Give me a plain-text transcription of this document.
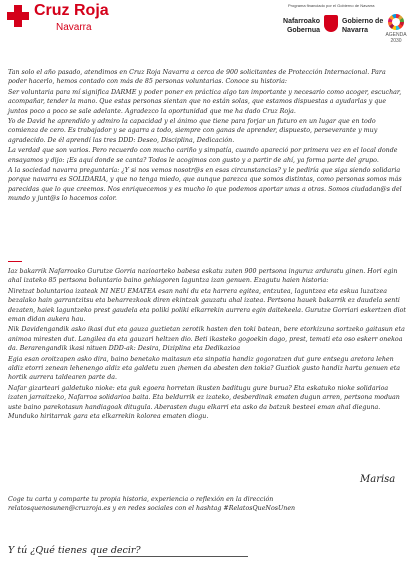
Cruz Roja
Navarra
Programa financiado por el Gobierno de Navarra
Nafarroako Gobernua
Gobierno de Navarra
AGENDA 2030

Tan solo el año pasado, atendimos en Cruz Roja Navarra a cerca de 900 solicitantes de Protección Internacional. Para poder hacerlo, hemos contado con más de 85 personas voluntarias. Conoce su historia:

Ser voluntaria para mí significa DARME y poder poner en práctica algo tan importante y necesario como acoger, escuchar, acompañar, tender la mano. Que estas personas sientan que no están solas, que estamos dispuestas a ayudarlas y que juntos poco a poco se sale adelante. Agradezco la oportunidad que me ha dado Cruz Roja.

Yo de David he aprendido y admiro la capacidad y el ánimo que tiene para forjar un futuro en un lugar que en todo comienza de cero. Es trabajador y se agarra a todo, siempre con ganas de aprender, dispuesto, perseverante y muy agradecido. De él aprendí las tres DDD: Deseo, Disciplina, Dedicación.

La verdad que son varios. Pero recuerdo con mucho cariño y simpatía, cuando apareció por primera vez en el local donde ensayamos y dijo: ¡Es aquí donde se canta? Todos le acogimos con gusto y a partir de ahí, ya forma parte del grupo.

A la sociedad navarra preguntaría: ¿Y si nos vemos nosotr@s en esas circunstancias? y le pediría que siga siendo solidaria porque navarra es SOLIDARIA, y que no tenga miedo, que aunque parezca que somos distintas, como personas somos más parecidas que lo que creemos. Nos enriquecemos y es mucho lo que podemos aportar unas a otras. Somos ciudadan@s del mundo y junt@s lo hacemos color.

Iaz bakarrik Nafarroako Gurutze Gorria nazioarteko babesa eskatu zuten 900 pertsona inguruz arduratu ginen. Hori egin ahal izateko 85 pertsona boluntario baino gehiagoren laguntza izan genuen. Ezagutu haien historia:

Niretzat boluntarioa izateak NI NEU EMATEA esan nahi du eta harrera egitea, entzutea, laguntzea eta eskua luzatzea bezalako hain garrantzitsu eta beharrezkoak diren ekintzak gauzatu ahal izatea. Pertsona hauek bakarrik ez daudela senti dezaten, haiek laguntzeko prest gaudela eta poliki poliki elkarrekin aurrera egin daitekeela. Gurutze Gorriari eskertzen diot eman didan aukera hau.

Nik Davidengandik asko ikasi dut eta gauza guztietan zerotik hasten den toki batean, bere etorkizuna sortzeko gaitasun eta animoa miresten dut. Langilea da eta gauzari heltzen dio. Beti ikasteko gogoekin dago, prest, temati eta oso eskerr onekoa da. Berarengandik ikasi nituen DDD-ak: Desira, Diziplina eta Dedikazioa

Egia esan oroitzapen asko dira, baino benetako maitasun eta sinpatia handiz gogoratzen dut gure entsegu aretora lehen aldiz etorri zenean lehenengo aldiz eta galdetu zuen ¡hemen da abesten den tokia? Guztiok gusto handiz hartu genuen eta hortik aurrera taldearen parte da.

Nafar gizarteari galdetuko nioke: eta guk egoera horretan ikusten baditugu gure burua? Eta eskatuko nioke solidarioa izaten jarraitzeko, Nafarroa solidarioa baita. Eta beldurrik ez izateko, desberdinak ematen dugun arren, pertsona moduan uste baino parekotasun handiagoak ditugula. Aberasten dugu elkarri eta asko da batzuk besteei eman ahal dieguna. Munduko hiritarrak gara eta elkarrekin kolorea ematen diogu.

Marisa
Coge tu carta y comparte tu propia historia, experiencia o reflexión en la dirección
relatosquenosunen@cruzroja.es y en redes sociales con el hashtag #RelatosQueNosUnen
Y tú ¿Qué tienes que decir?
